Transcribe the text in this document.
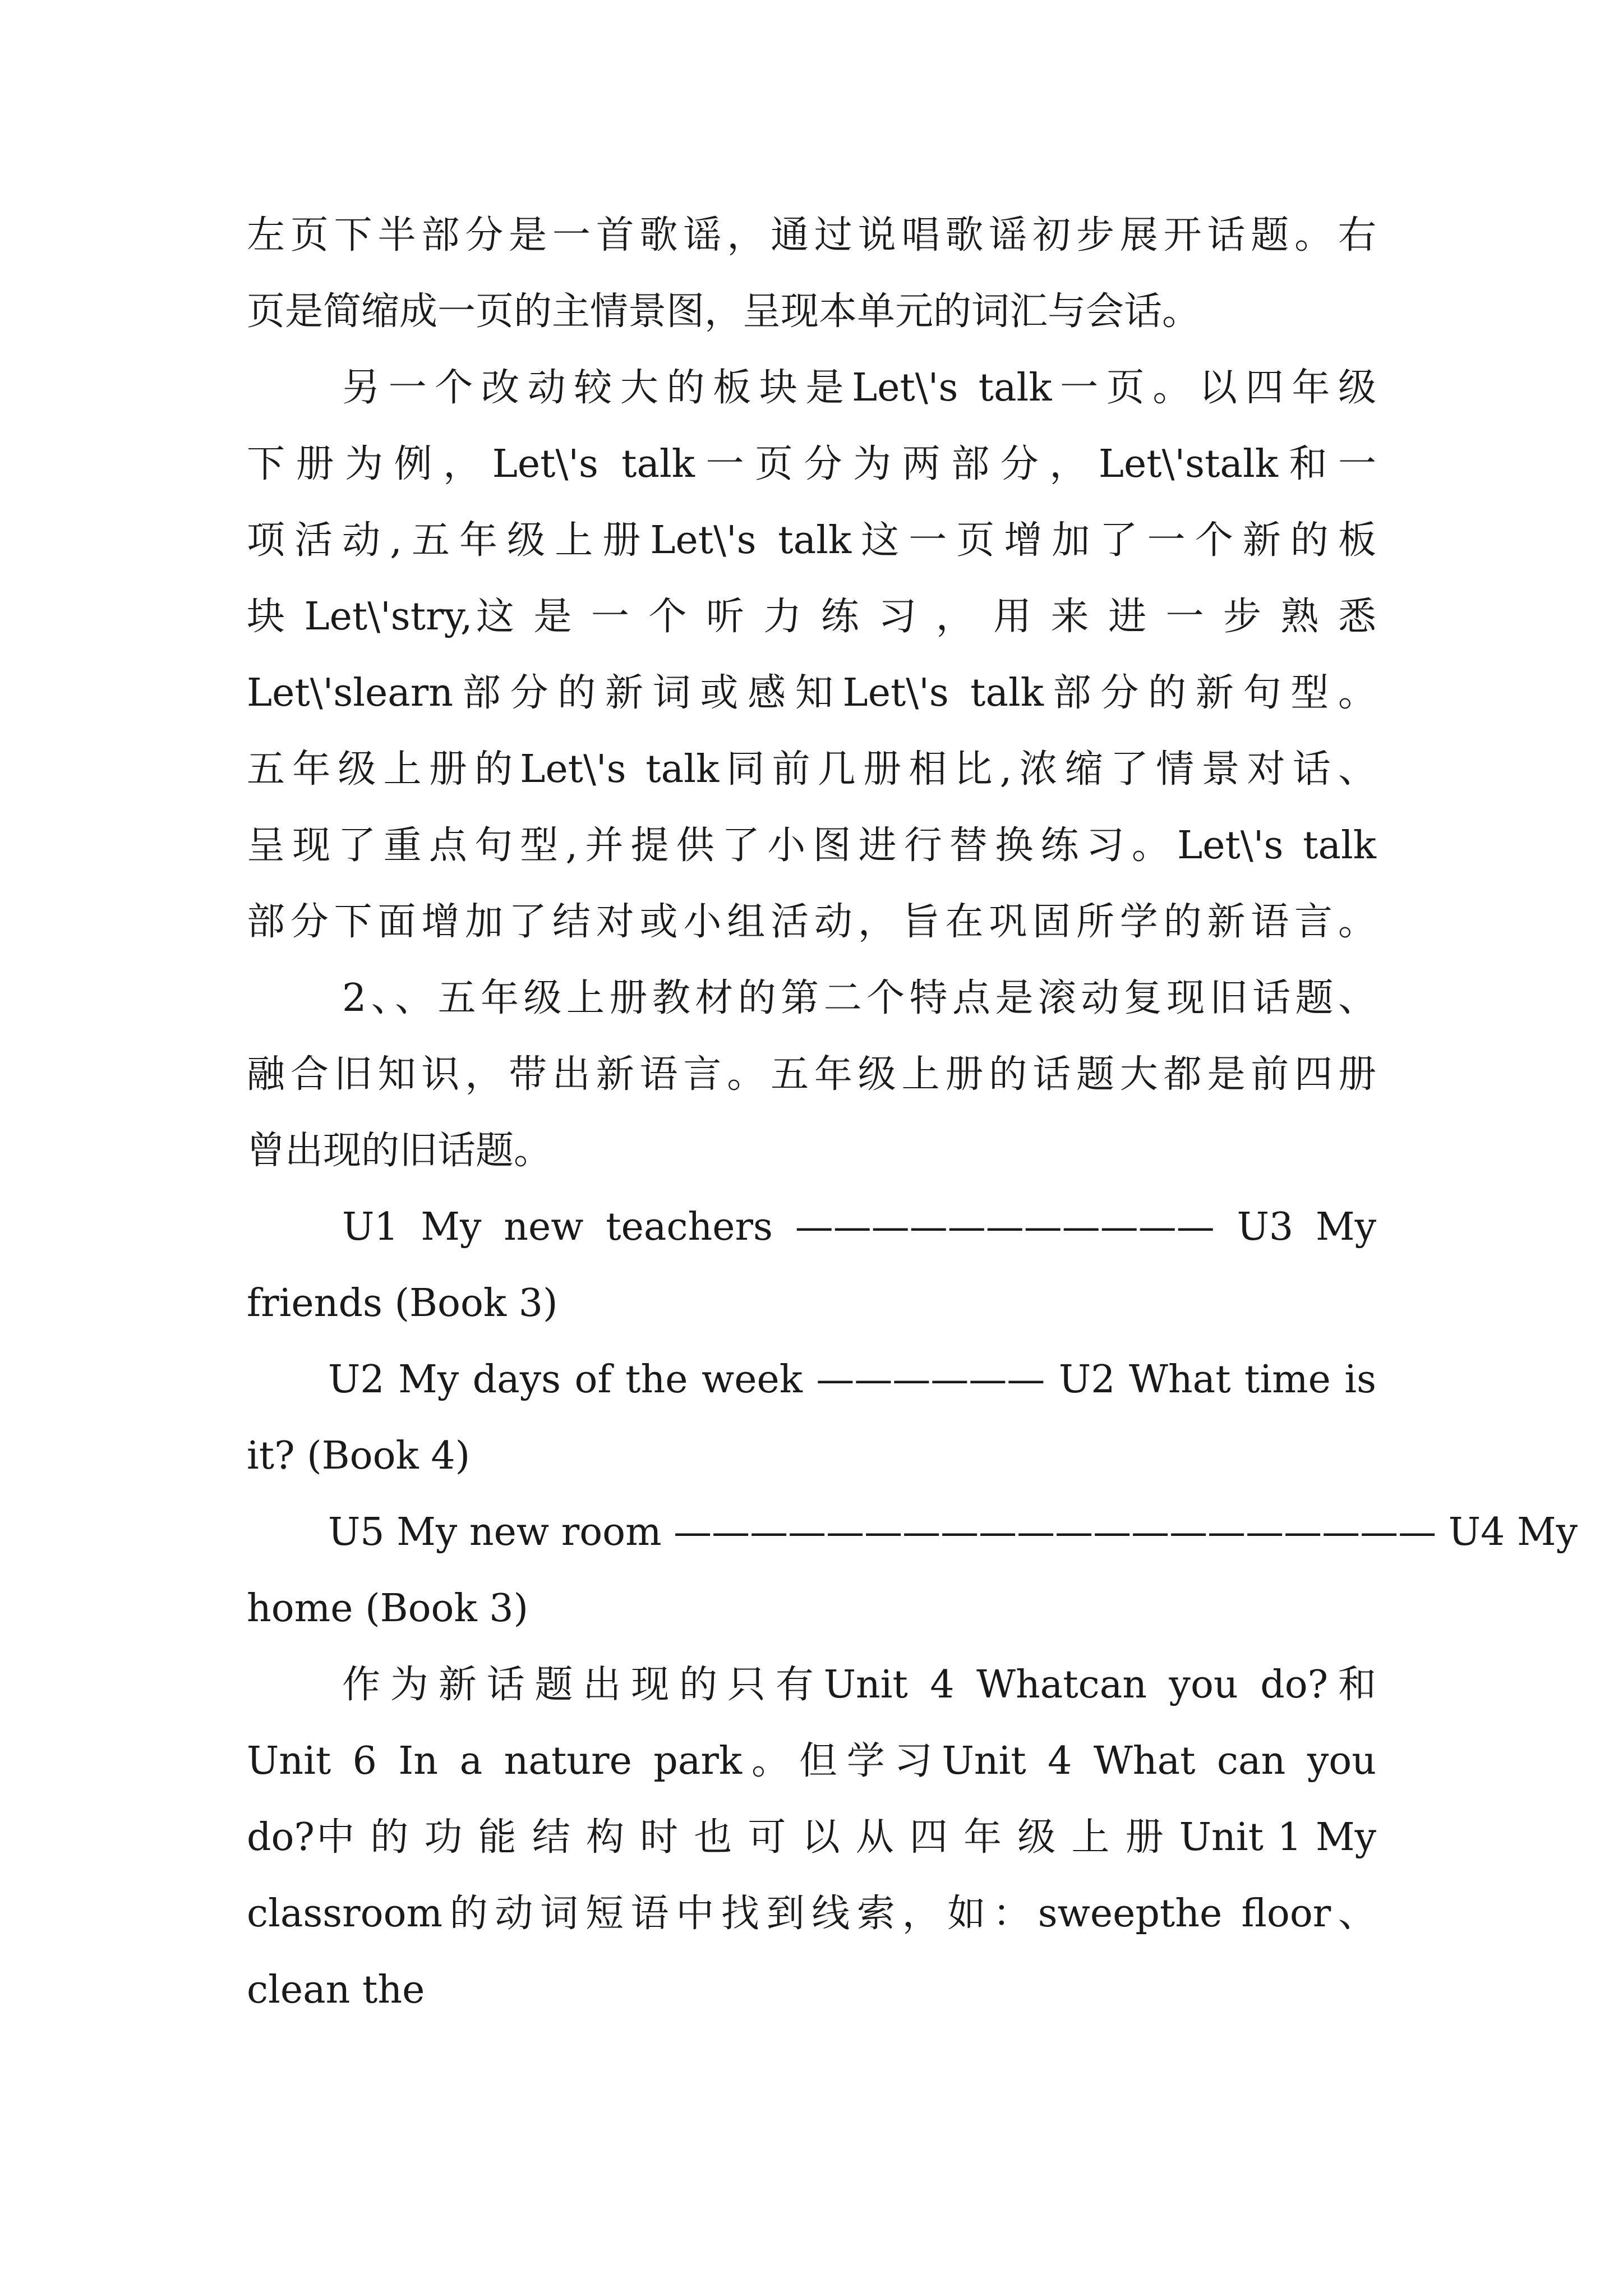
左页下半部分是一首歌谣，通过说唱歌谣初步展开话题。右
页是简缩成一页的主情景图，呈现本单元的词汇与会话。
另一个改动较大的板块是Let\'s talk一页。以四年级
下册为例，Let\'s talk一页分为两部分，Let\'stalk和一
项活动,五年级上册Let\'s talk这一页增加了一个新的板
块 Let\'stry,这 是 一 个 听 力 练 习 ， 用 来 进 一 步 熟 悉
Let\'slearn部分的新词或感知Let\'s talk部分的新句型。
五年级上册的Let\'s talk同前几册相比,浓缩了情景对话、
呈现了重点句型,并提供了小图进行替换练习。Let\'s talk
部分下面增加了结对或小组活动，旨在巩固所学的新语言。
2、、五年级上册教材的第二个特点是滚动复现旧话题、
融合旧知识，带出新语言。五年级上册的话题大都是前四册
曾出现的旧话题。
U1 My new teachers ——————————— U3 My
friends (Book 3)
U2 My days of the week —————— U2 What time is
it? (Book 4)
U5 My new room ———————————————————— U4 My
home (Book 3)
作为新话题出现的只有Unit 4 Whatcan you do?和
Unit 6 In a nature park。但学习Unit 4 What can you
do?中 的 功 能 结 构 时 也 可 以 从 四 年 级 上 册 Unit 1 My
classroom的动词短语中找到线索，如：sweepthe floor、
clean the
